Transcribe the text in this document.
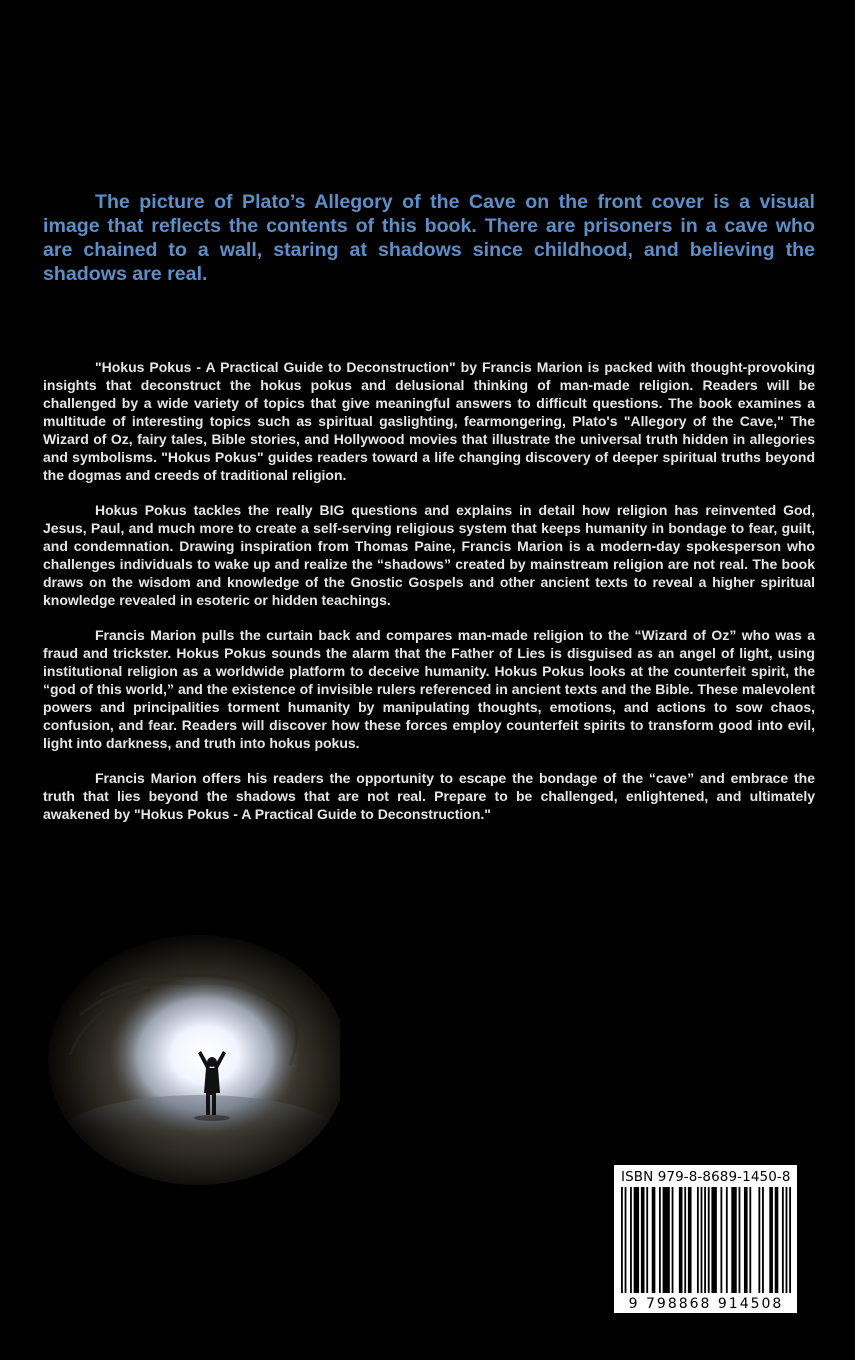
The picture of Plato’s Allegory of the Cave on the front cover is a visual image that reflects the contents of this book. There are prisoners in a cave who are chained to a wall, staring at shadows since childhood, and believing the shadows are real.

"Hokus Pokus - A Practical Guide to Deconstruction" by Francis Marion is packed with thought-provoking insights that deconstruct the hokus pokus and delusional thinking of man-made religion. Readers will be challenged by a wide variety of topics that give meaningful answers to difficult questions. The book examines a multitude of interesting topics such as spiritual gaslighting, fearmongering, Plato's "Allegory of the Cave," The Wizard of Oz, fairy tales, Bible stories, and Hollywood movies that illustrate the universal truth hidden in allegories and symbolisms. "Hokus Pokus" guides readers toward a life changing discovery of deeper spiritual truths beyond the dogmas and creeds of traditional religion.

Hokus Pokus tackles the really BIG questions and explains in detail how religion has reinvented God, Jesus, Paul, and much more to create a self-serving religious system that keeps humanity in bondage to fear, guilt, and condemnation. Drawing inspiration from Thomas Paine, Francis Marion is a modern-day spokesperson who challenges individuals to wake up and realize the “shadows” created by mainstream religion are not real. The book draws on the wisdom and knowledge of the Gnostic Gospels and other ancient texts to reveal a higher spiritual knowledge revealed in esoteric or hidden teachings.

Francis Marion pulls the curtain back and compares man-made religion to the “Wizard of Oz” who was a fraud and trickster. Hokus Pokus sounds the alarm that the Father of Lies is disguised as an angel of light, using institutional religion as a worldwide platform to deceive humanity. Hokus Pokus looks at the counterfeit spirit, the “god of this world,” and the existence of invisible rulers referenced in ancient texts and the Bible. These malevolent powers and principalities torment humanity by manipulating thoughts, emotions, and actions to sow chaos, confusion, and fear. Readers will discover how these forces employ counterfeit spirits to transform good into evil, light into darkness, and truth into hokus pokus.

Francis Marion offers his readers the opportunity to escape the bondage of the “cave” and embrace the truth that lies beyond the shadows that are not real. Prepare to be challenged, enlightened, and ultimately awakened by "Hokus Pokus - A Practical Guide to Deconstruction."

ISBN 979-8-8689-1450-8
9 798868 914508
